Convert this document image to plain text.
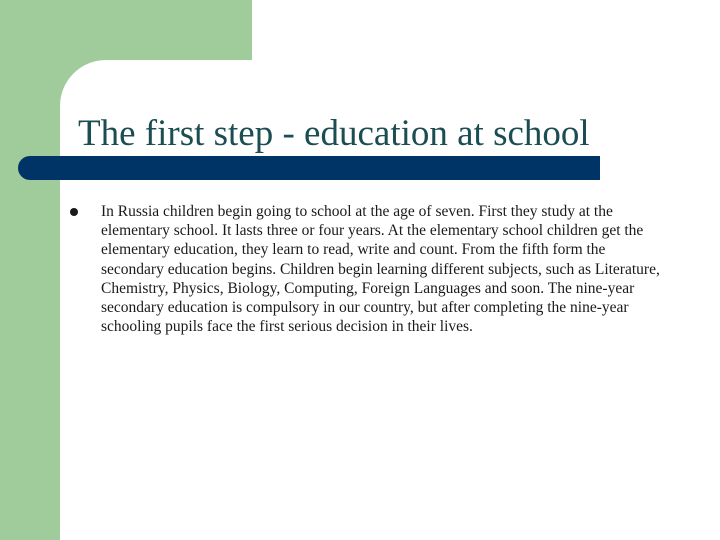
The first step - education at school

In Russia children begin going to school at the age of seven. First they study at the elementary school. It lasts three or four years. At the elementary school children get the elementary education, they learn to read, write and count. From the fifth form the secondary education begins. Children begin learning different subjects, such as Literature, Chemistry, Physics, Biology, Computing, Foreign Languages and soon. The nine-year secondary education is compulsory in our country, but after completing the nine-year schooling pupils face the first serious decision in their lives.
